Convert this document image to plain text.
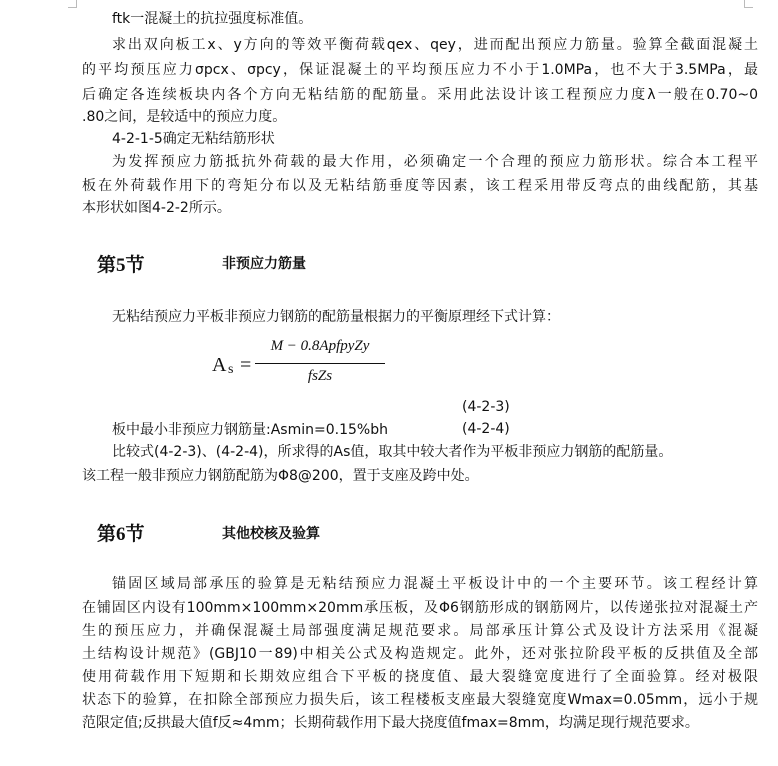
ftk一混凝土的抗拉强度标准值。
求出双向板工x、y方向的等效平衡荷载qex、qey，进而配出预应力筋量。验算全截面混凝土
的平均预压应力σpcx、σpcy，保证混凝土的平均预压应力不小于1.0MPa，也不大于3.5MPa，最
后确定各连续板块内各个方向无粘结筋的配筋量。采用此法设计该工程预应力度λ一般在0.70~0
.80之间，是较适中的预应力度。
4-2-1-5确定无粘结筋形状
为发挥预应力筋抵抗外荷载的最大作用，必须确定一个合理的预应力筋形状。综合本工程平
板在外荷载作用下的弯矩分布以及无粘结筋垂度等因素，该工程采用带反弯点的曲线配筋，其基
本形状如图4-2-2所示。
第5节	非预应力筋量
无粘结预应力平板非预应力钢筋的配筋量根据力的平衡原理经下式计算：
A s =
M − 0.8ApfpyZy
fsZs
(4-2-3)
板中最小非预应力钢筋量:Asmin=0.15%bh	(4-2-4)
比较式(4-2-3)、(4-2-4)，所求得的As值，取其中较大者作为平板非预应力钢筋的配筋量。
该工程一般非预应力钢筋配筋为Φ8@200，置于支座及跨中处。
第6节	其他校核及验算
锚固区域局部承压的验算是无粘结预应力混凝土平板设计中的一个主要环节。该工程经计算
在铺固区内设有100mm×100mm×20mm承压板，及Φ6钢筋形成的钢筋网片，以传递张拉对混凝土产
生的预压应力，并确保混凝土局部强度满足规范要求。局部承压计算公式及设计方法采用《混凝
土结构设计规范》(GBJ10一89)中相关公式及构造规定。此外，还对张拉阶段平板的反拱值及全部
使用荷载作用下短期和长期效应组合下平板的挠度值、最大裂缝宽度进行了全面验算。经对极限
状态下的验算，在扣除全部预应力损失后，该工程楼板支座最大裂缝宽度Wmax=0.05mm，远小于规
范限定值;反拱最大值f反≈4mm；长期荷载作用下最大挠度值fmax=8mm，均满足现行规范要求。
